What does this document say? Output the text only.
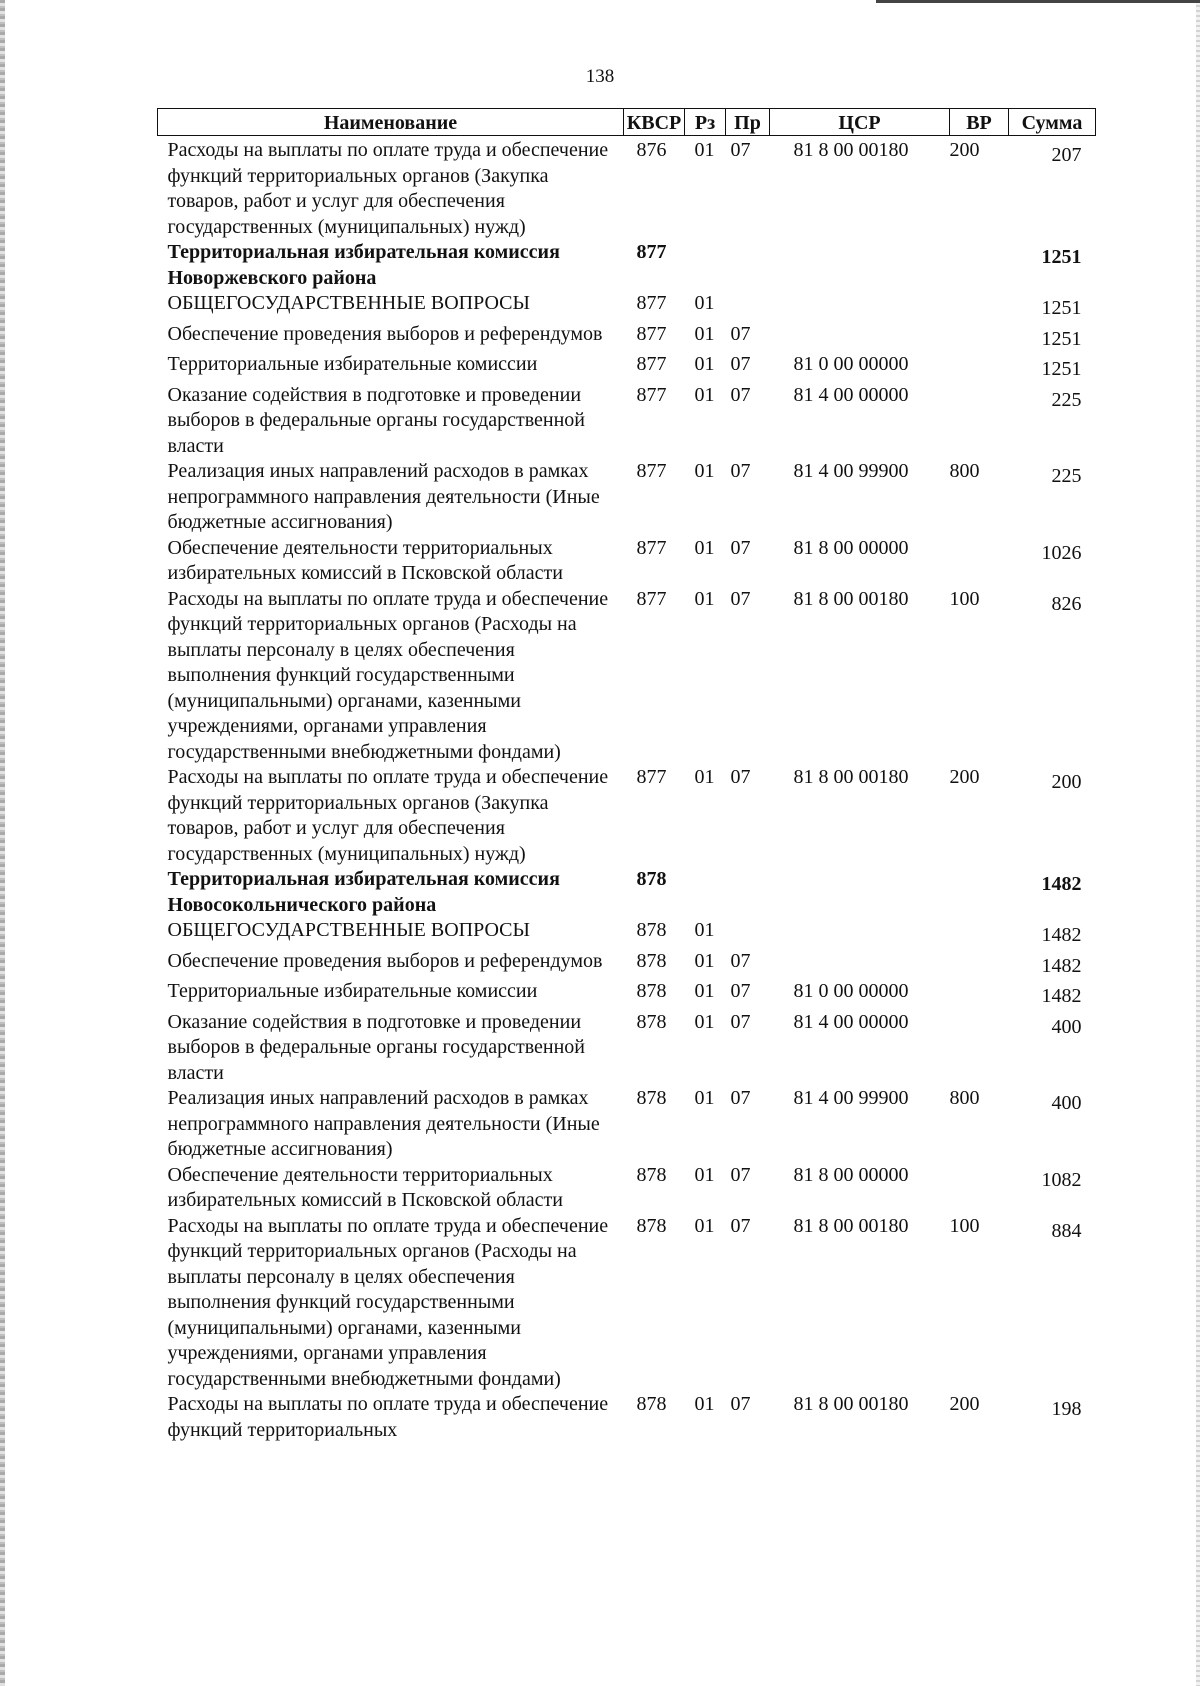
138
Наименование	КВСР	Рз	Пр	ЦСР	ВР	Сумма
Расходы на выплаты по оплате труда и обеспечение функций территориальных органов (Закупка товаров, работ и услуг для обеспечения государственных (муниципальных) нужд)	876	01	07	81 8 00 00180	200	207
Территориальная избирательная комиссия Новоржевского района	877					1251
ОБЩЕГОСУДАРСТВЕННЫЕ ВОПРОСЫ	877	01				1251
Обеспечение проведения выборов и референдумов	877	01	07			1251
Территориальные избирательные комиссии	877	01	07	81 0 00 00000		1251
Оказание содействия в подготовке и проведении выборов в федеральные органы государственной власти	877	01	07	81 4 00 00000		225
Реализация иных направлений расходов в рамках непрограммного направления деятельности (Иные бюджетные ассигнования)	877	01	07	81 4 00 99900	800	225
Обеспечение деятельности территориальных избирательных комиссий в Псковской области	877	01	07	81 8 00 00000		1026
Расходы на выплаты по оплате труда и обеспечение функций территориальных органов (Расходы на выплаты персоналу в целях обеспечения выполнения функций государственными (муниципальными) органами, казенными учреждениями, органами управления государственными внебюджетными фондами)	877	01	07	81 8 00 00180	100	826
Расходы на выплаты по оплате труда и обеспечение функций территориальных органов (Закупка товаров, работ и услуг для обеспечения государственных (муниципальных) нужд)	877	01	07	81 8 00 00180	200	200
Территориальная избирательная комиссия Новосокольнического района	878					1482
ОБЩЕГОСУДАРСТВЕННЫЕ ВОПРОСЫ	878	01				1482
Обеспечение проведения выборов и референдумов	878	01	07			1482
Территориальные избирательные комиссии	878	01	07	81 0 00 00000		1482
Оказание содействия в подготовке и проведении выборов в федеральные органы государственной власти	878	01	07	81 4 00 00000		400
Реализация иных направлений расходов в рамках непрограммного направления деятельности (Иные бюджетные ассигнования)	878	01	07	81 4 00 99900	800	400
Обеспечение деятельности территориальных избирательных комиссий в Псковской области	878	01	07	81 8 00 00000		1082
Расходы на выплаты по оплате труда и обеспечение функций территориальных органов (Расходы на выплаты персоналу в целях обеспечения выполнения функций государственными (муниципальными) органами, казенными учреждениями, органами управления государственными внебюджетными фондами)	878	01	07	81 8 00 00180	100	884
Расходы на выплаты по оплате труда и обеспечение функций территориальных	878	01	07	81 8 00 00180	200	198
